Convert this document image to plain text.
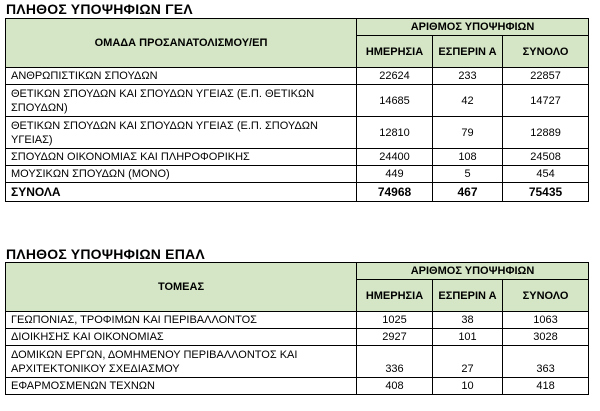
ΠΛΗΘΟΣ ΥΠΟΨΗΦΙΩΝ ΓΕΛ
ΟΜΑΔΑ ΠΡΟΣΑΝΑΤΟΛΙΣΜΟΥ/ΕΠ	ΑΡΙΘΜΟΣ ΥΠΟΨΗΦΙΩΝ		
	ΗΜΕΡΗΣΙΑ	ΕΣΠΕΡΙΝ Α	ΣΥΝΟΛΟ
ΑΝΘΡΩΠΙΣΤΙΚΩΝ ΣΠΟΥΔΩΝ	22624	233	22857
ΘΕΤΙΚΩΝ ΣΠΟΥΔΩΝ ΚΑΙ ΣΠΟΥΔΩΝ ΥΓΕΙΑΣ (Ε.Π. ΘΕΤΙΚΩΝ ΣΠΟΥΔΩΝ)	14685	42	14727
ΘΕΤΙΚΩΝ ΣΠΟΥΔΩΝ ΚΑΙ ΣΠΟΥΔΩΝ ΥΓΕΙΑΣ (Ε.Π. ΣΠΟΥΔΩΝ ΥΓΕΙΑΣ)	12810	79	12889
ΣΠΟΥΔΩΝ ΟΙΚΟΝΟΜΙΑΣ ΚΑΙ ΠΛΗΡΟΦΟΡΙΚΗΣ	24400	108	24508
ΜΟΥΣΙΚΩΝ ΣΠΟΥΔΩΝ (ΜΟΝΟ)	449	5	454
ΣΥΝΟΛΑ	74968	467	75435
ΠΛΗΘΟΣ ΥΠΟΨΗΦΙΩΝ ΕΠΑΛ
ΤΟΜΕΑΣ	ΑΡΙΘΜΟΣ ΥΠΟΨΗΦΙΩΝ		
	ΗΜΕΡΗΣΙΑ	ΕΣΠΕΡΙΝ Α	ΣΥΝΟΛΟ
ΓΕΩΠΟΝΙΑΣ, ΤΡΟΦΙΜΩΝ ΚΑΙ ΠΕΡΙΒΑΛΛΟΝΤΟΣ	1025	38	1063
ΔΙΟΙΚΗΣΗΣ ΚΑΙ ΟΙΚΟΝΟΜΙΑΣ	2927	101	3028
ΔΟΜΙΚΩΝ ΕΡΓΩΝ, ΔΟΜΗΜΕΝΟΥ ΠΕΡΙΒΑΛΛΟΝΤΟΣ ΚΑΙ ΑΡΧΙΤΕΚΤΟΝΙΚΟΥ ΣΧΕΔΙΑΣΜΟΥ	336	27	363
ΕΦΑΡΜΟΣΜΕΝΩΝ ΤΕΧΝΩΝ	408	10	418
